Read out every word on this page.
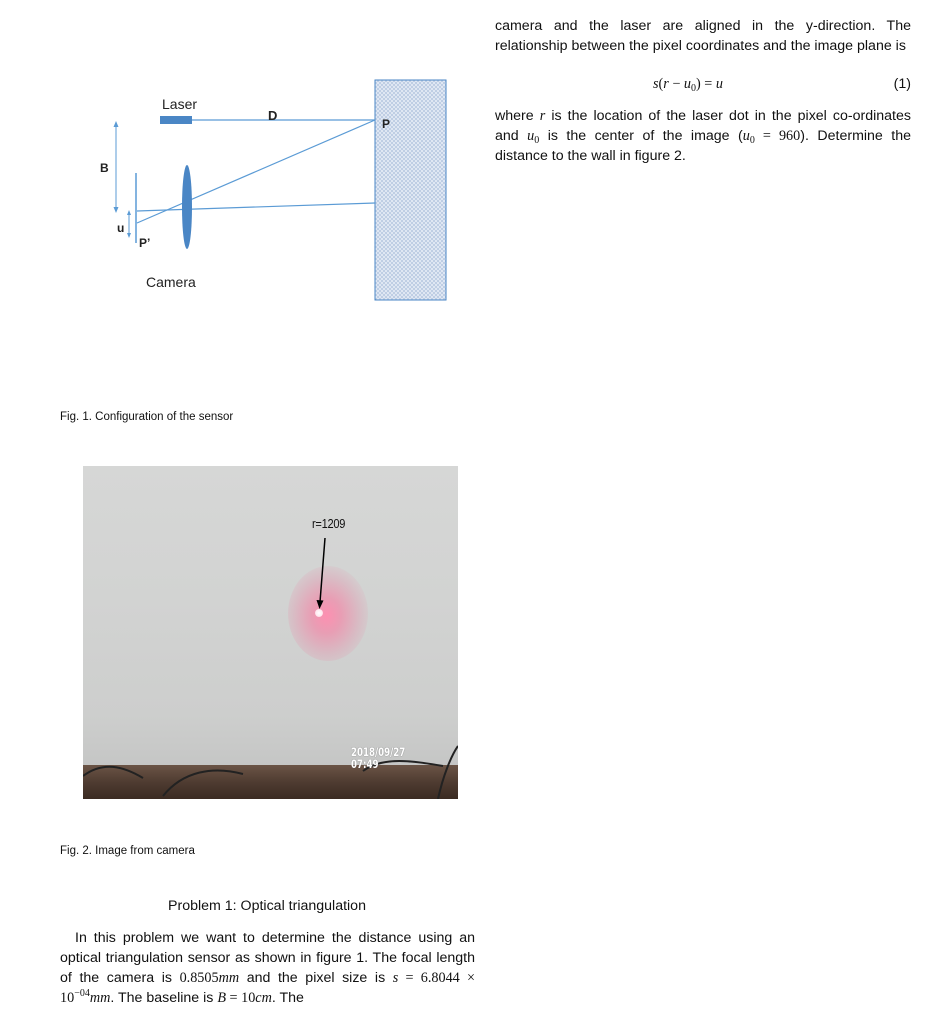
Laser
D
P
B
u
P’
Camera
Fig. 1. Configuration of the sensor
r=1209
2018/09/27
07:49
Fig. 2. Image from camera
Problem 1: Optical triangulation
In this problem we want to determine the distance using an optical triangulation sensor as shown in figure 1. The focal length of the camera is 0.8505mm and the pixel size is $s = 6.8044 \times 10^{-04}mm$. The baseline is B = 10cm. The
camera and the laser are aligned in the y-direction. The relationship between the pixel coordinates and the image plane is
$s(r - u_0) = u$	(1)
where r is the location of the laser dot in the pixel co-ordinates and $u_0$ is the center of the image $(u_0 = 960)$. Determine the distance to the wall in figure 2.
